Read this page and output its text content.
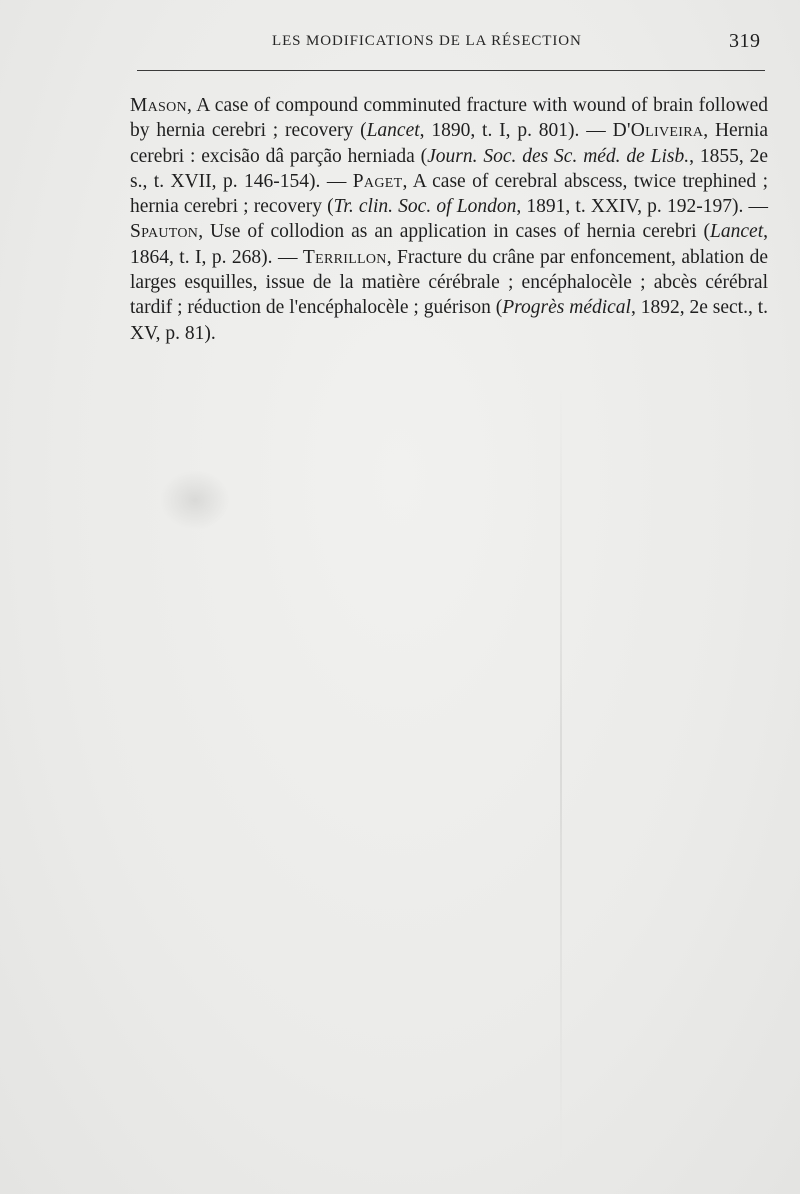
LES MODIFICATIONS DE LA RÉSECTION	319

Mason, A case of compound comminuted fracture with wound of brain followed by hernia cerebri ; recovery (Lancet, 1890, t. I, p. 801). — D'Oliveira, Hernia cerebri : excisão dâ parção herniada (Journ. Soc. des Sc. méd. de Lisb., 1855, 2e s., t. XVII, p. 146-154). — Paget, A case of cerebral abscess, twice trephined ; hernia cerebri ; recovery (Tr. clin. Soc. of London, 1891, t. XXIV, p. 192-197). — Spauton, Use of collodion as an application in cases of hernia cerebri (Lancet, 1864, t. I, p. 268). — Terrillon, Fracture du crâne par enfoncement, ablation de larges esquilles, issue de la matière cérébrale ; encéphalocèle ; abcès cérébral tardif ; réduction de l'encéphalocèle ; guérison (Progrès médical, 1892, 2e sect., t. XV, p. 81).
